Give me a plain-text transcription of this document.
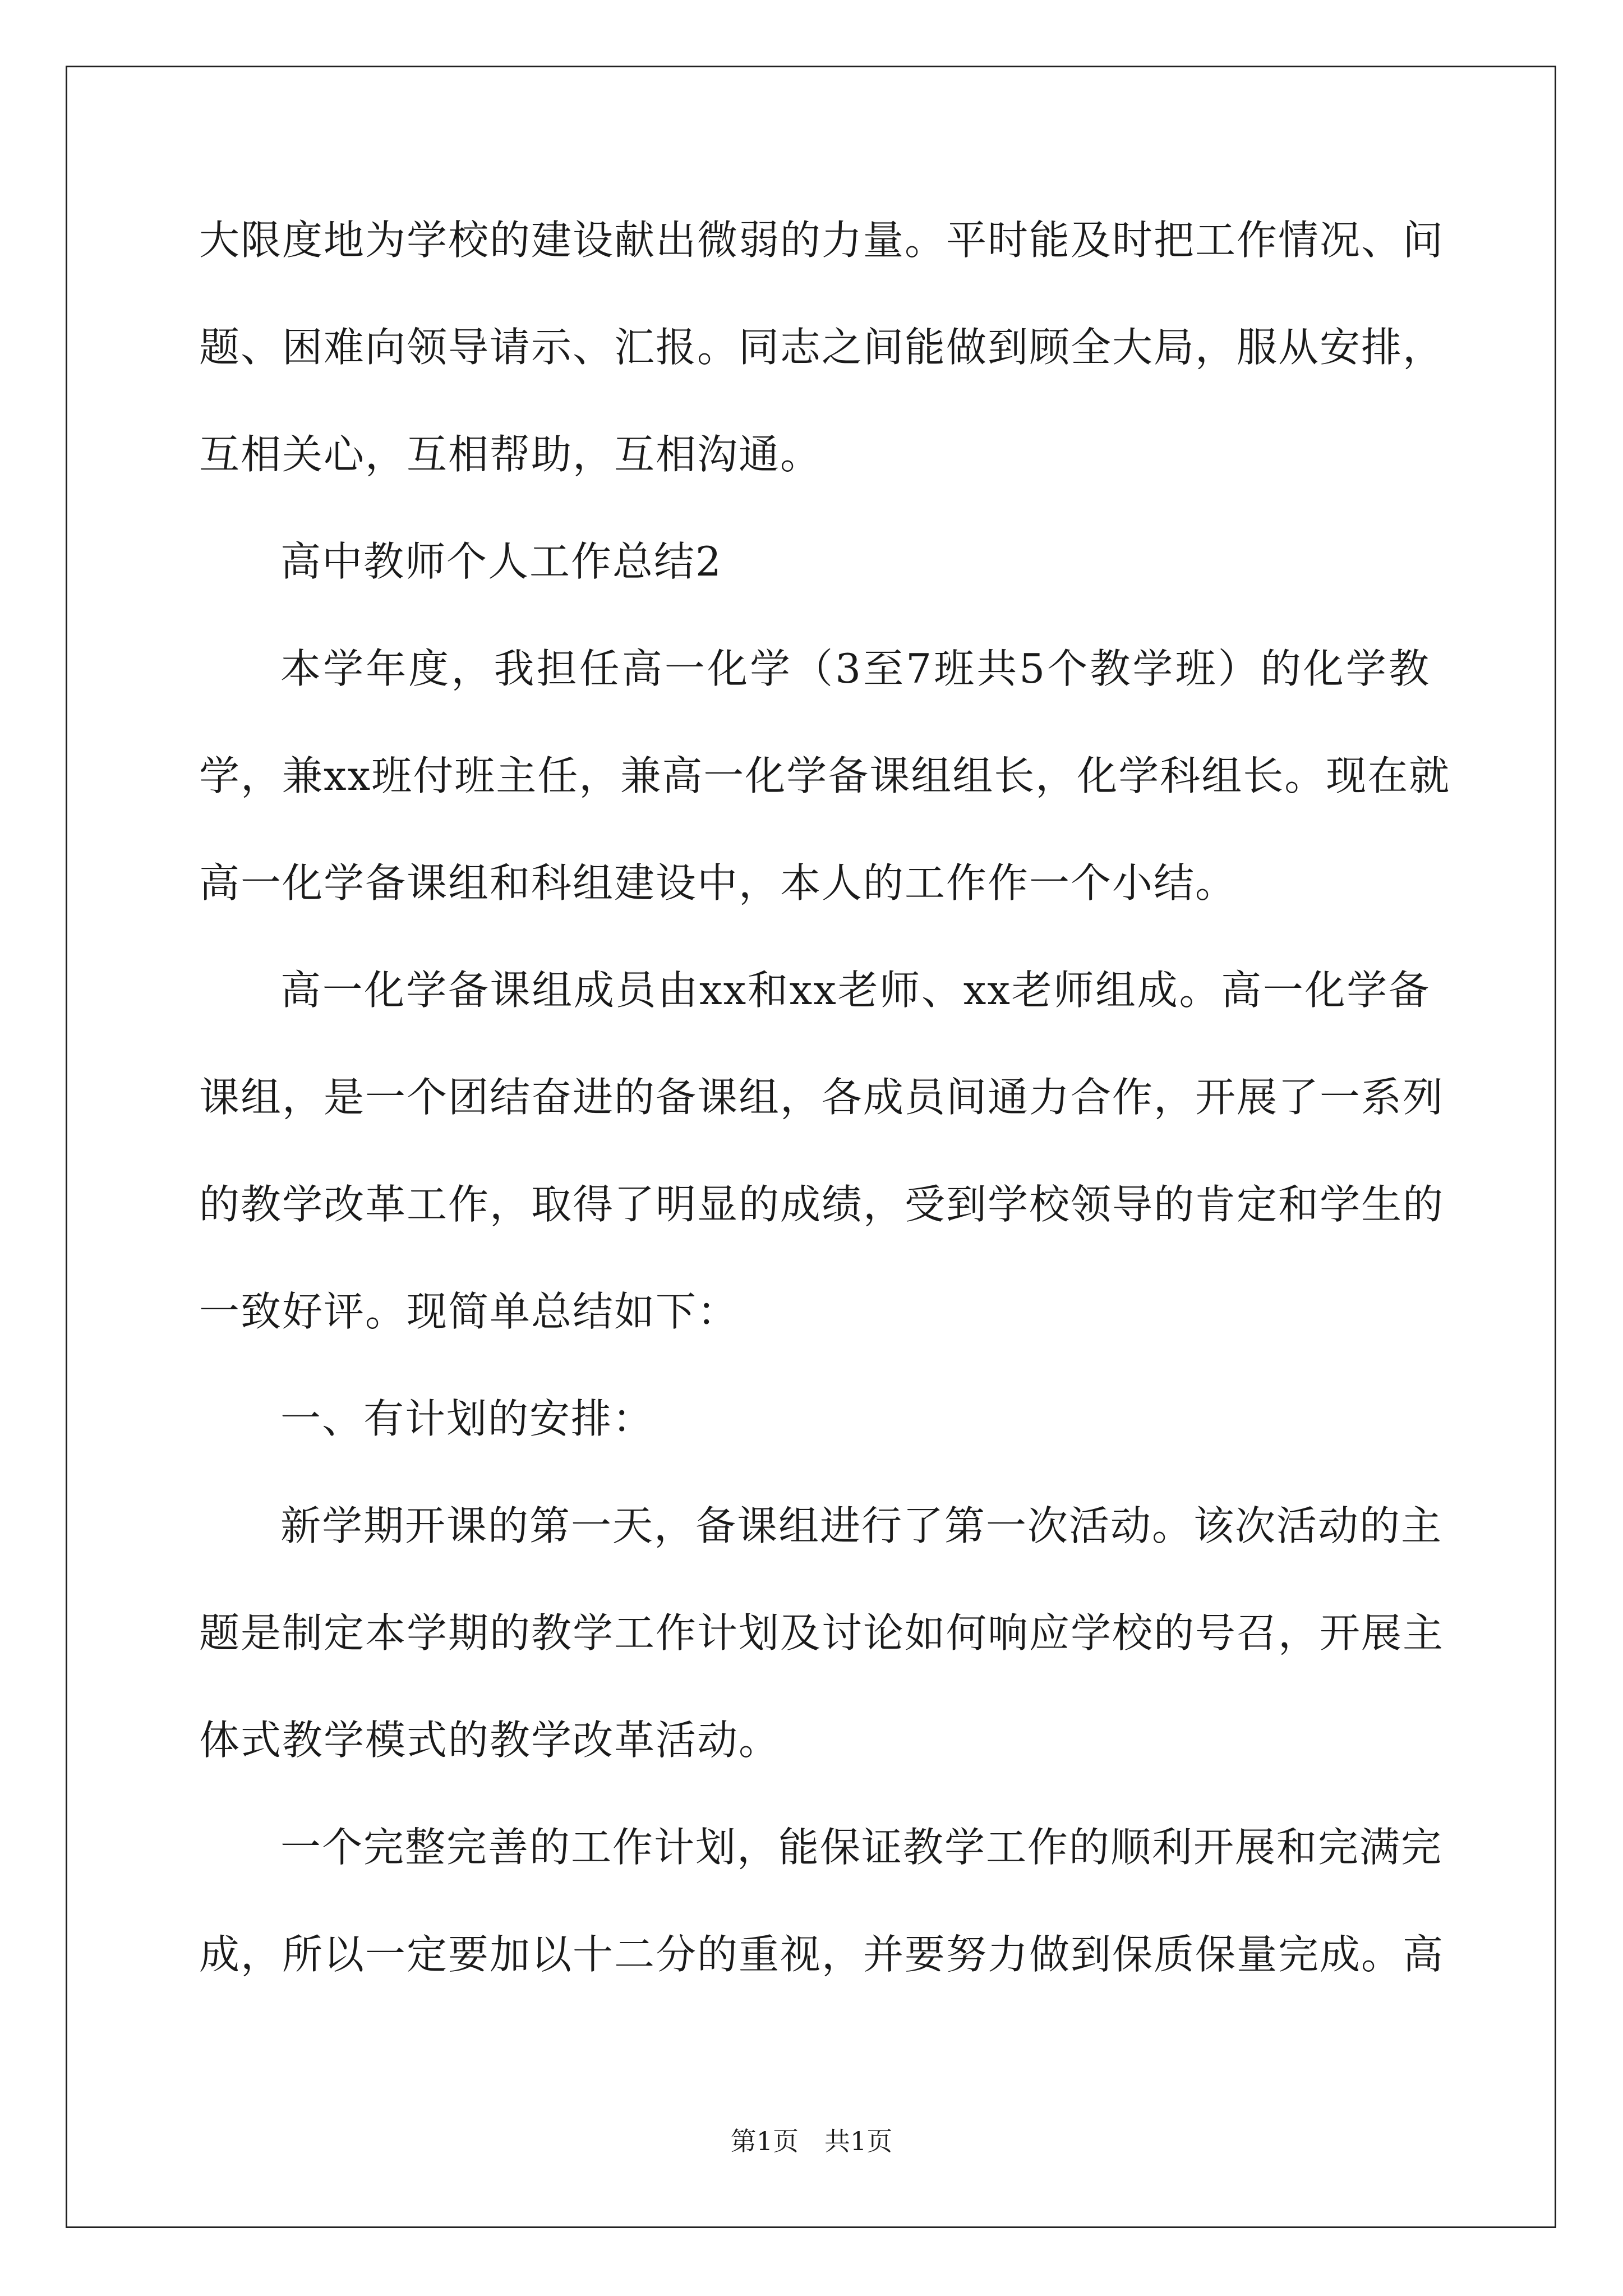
大限度地为学校的建设献出微弱的力量。平时能及时把工作情况、问
题、困难向领导请示、汇报。同志之间能做到顾全大局，服从安排，
互相关心，互相帮助，互相沟通。
高中教师个人工作总结2
本学年度，我担任高一化学（3至7班共5个教学班）的化学教
学，兼xx班付班主任，兼高一化学备课组组长，化学科组长。现在就
高一化学备课组和科组建设中，本人的工作作一个小结。
高一化学备课组成员由xx和xx老师、xx老师组成。高一化学备
课组，是一个团结奋进的备课组，各成员间通力合作，开展了一系列
的教学改革工作，取得了明显的成绩，受到学校领导的肯定和学生的
一致好评。现简单总结如下：
一、有计划的安排：
新学期开课的第一天，备课组进行了第一次活动。该次活动的主
题是制定本学期的教学工作计划及讨论如何响应学校的号召，开展主
体式教学模式的教学改革活动。
一个完整完善的工作计划，能保证教学工作的顺利开展和完满完
成，所以一定要加以十二分的重视，并要努力做到保质保量完成。高
第1页　共1页
